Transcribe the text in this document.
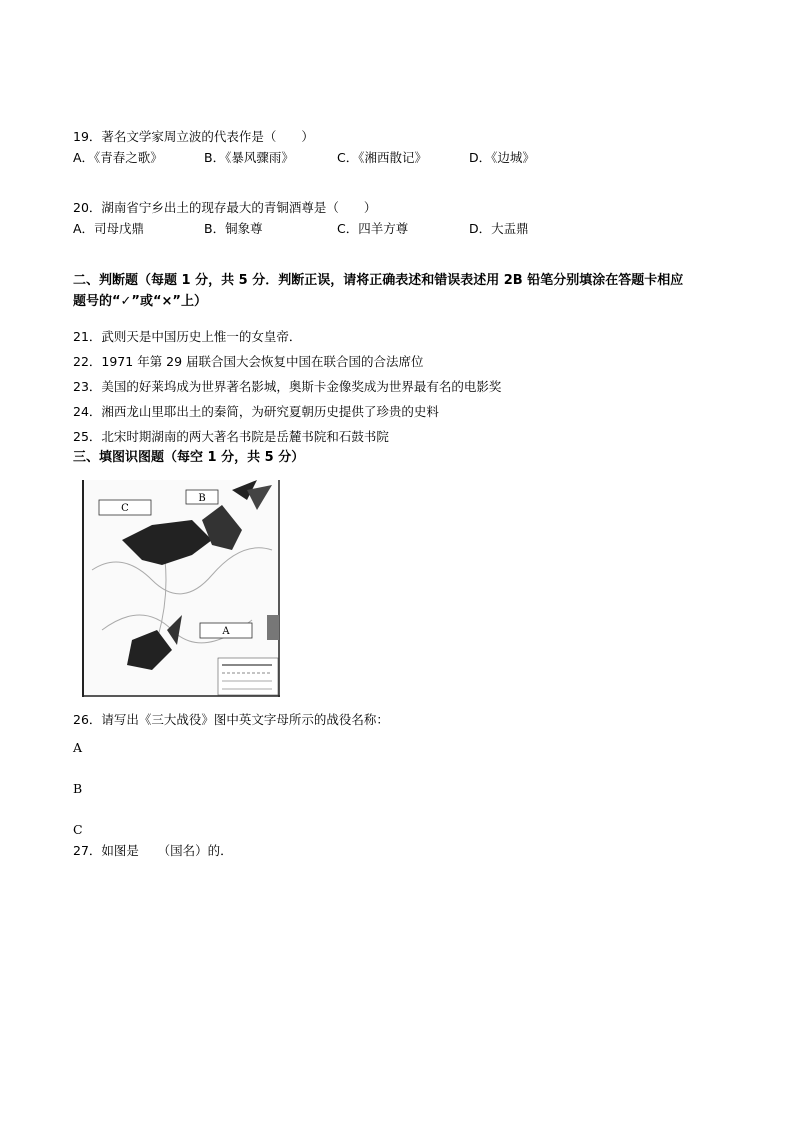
19．著名文学家周立波的代表作是（　　）
A．《青春之歌》	B．《暴风骤雨》	C．《湘西散记》	D．《边城》
20．湖南省宁乡出土的现存最大的青铜酒尊是（　　）
A．司母戊鼎	B．铜象尊	C．四羊方尊	D．大盂鼎
二、判断题（每题 1 分，共 5 分．判断正误，请将正确表述和错误表述用 2B 铅笔分别填涂在答题卡相应
题号的“✓”或“×”上）
21．武则天是中国历史上惟一的女皇帝．
22．1971 年第 29 届联合国大会恢复中国在联合国的合法席位
23．美国的好莱坞成为世界著名影城，奥斯卡金像奖成为世界最有名的电影奖
24．湘西龙山里耶出土的秦简，为研究夏朝历史提供了珍贵的史料
25．北宋时期湖南的两大著名书院是岳麓书院和石鼓书院
三、填图识图题（每空 1 分，共 5 分）
B
C
A
26．请写出《三大战役》图中英文字母所示的战役名称：
A
B
C
27．如图是　　（国名）的．
